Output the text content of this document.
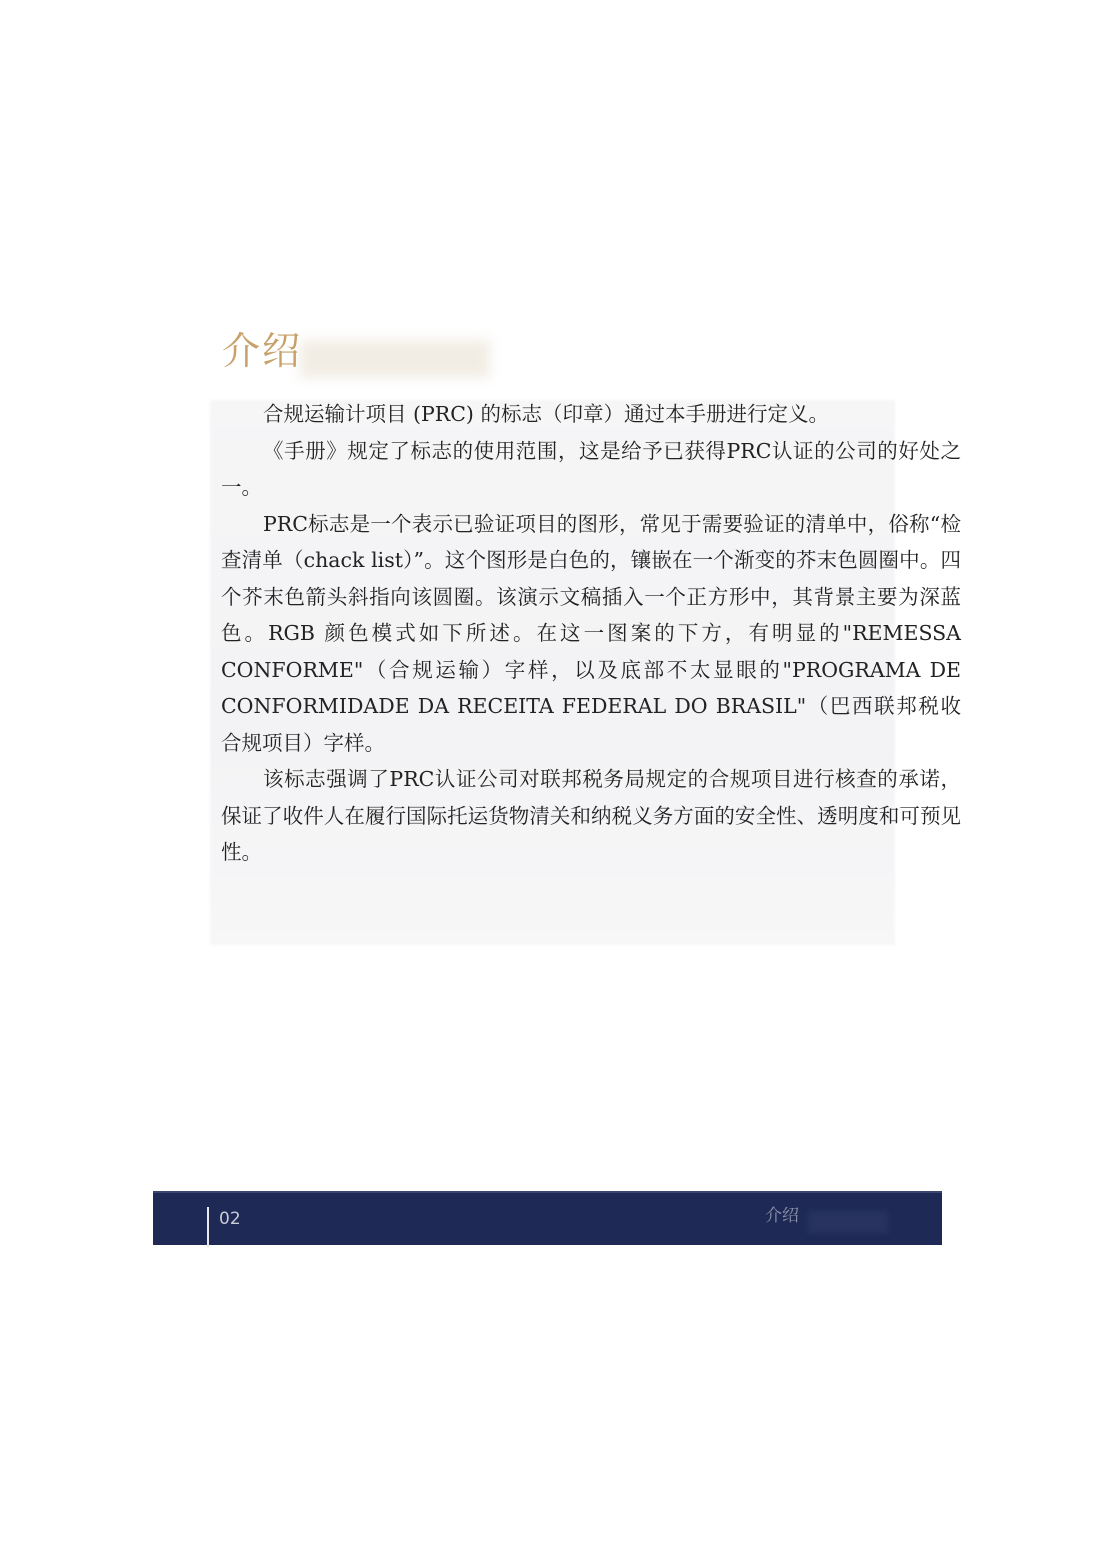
介绍

合规运输计项目 (PRC) 的标志（印章）通过本手册进行定义。

《手册》规定了标志的使用范围，这是给予已获得PRC认证的公司的好处之一。

PRC标志是一个表示已验证项目的图形，常见于需要验证的清单中，俗称“检查清单（chack list）”。这个图形是白色的，镶嵌在一个渐变的芥末色圆圈中。四个芥末色箭头斜指向该圆圈。该演示文稿插入一个正方形中，其背景主要为深蓝色。RGB 颜色模式如下所述。在这一图案的下方，有明显的"REMESSA CONFORME"（合规运输）字样，以及底部不太显眼的"PROGRAMA DE CONFORMIDADE DA RECEITA FEDERAL DO BRASIL"（巴西联邦税收合规项目）字样。

该标志强调了PRC认证公司对联邦税务局规定的合规项目进行核查的承诺，保证了收件人在履行国际托运货物清关和纳税义务方面的安全性、透明度和可预见性。

02	介绍
